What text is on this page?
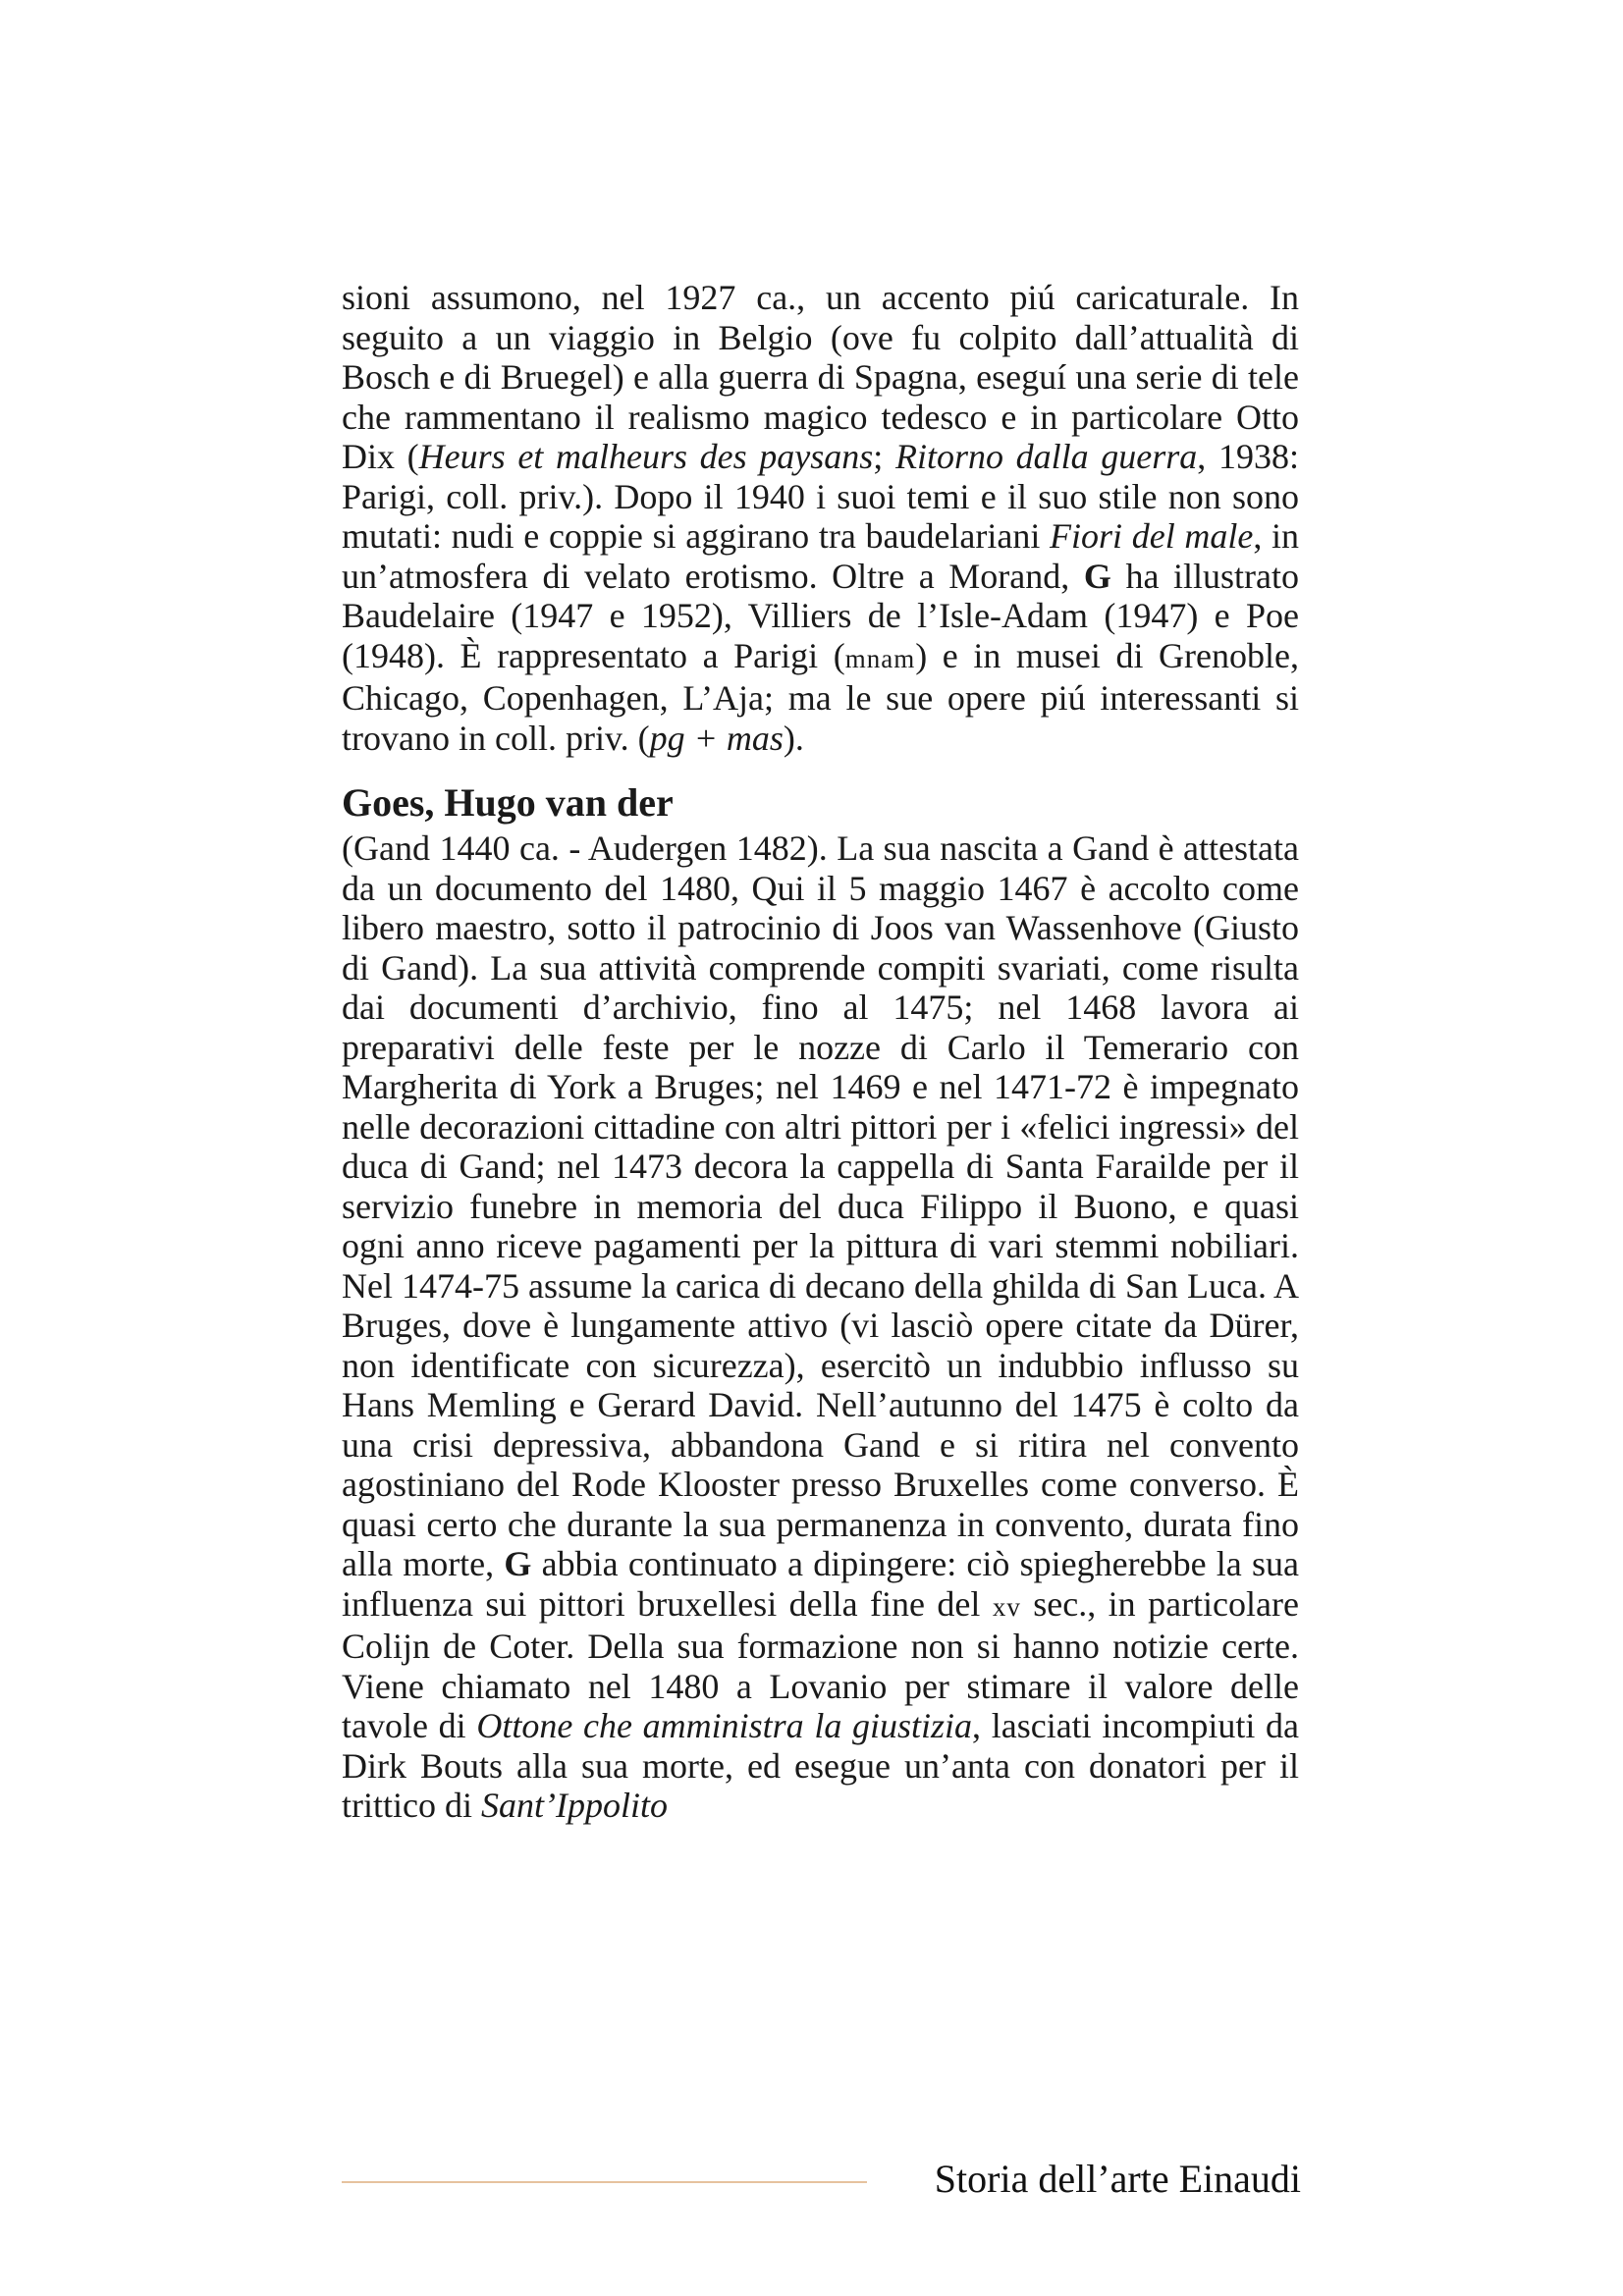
sioni assumono, nel 1927 ca., un accento piú caricaturale. In seguito a un viaggio in Belgio (ove fu colpito dall’attualità di Bosch e di Bruegel) e alla guerra di Spagna, eseguí una serie di tele che rammentano il realismo magico tedesco e in particolare Otto Dix (Heurs et malheurs des paysans; Ritorno dalla guerra, 1938: Parigi, coll. priv.). Dopo il 1940 i suoi temi e il suo stile non sono mutati: nudi e coppie si aggirano tra baudelariani Fiori del male, in un’atmosfera di velato erotismo. Oltre a Morand, G ha illustrato Baudelaire (1947 e 1952), Villiers de l’Isle-Adam (1947) e Poe (1948). È rappresentato a Parigi (mnam) e in musei di Grenoble, Chicago, Copenhagen, L’Aja; ma le sue opere piú interessanti si trovano in coll. priv. (pg + mas).

Goes, Hugo van der

(Gand 1440 ca. - Audergen 1482). La sua nascita a Gand è attestata da un documento del 1480, Qui il 5 maggio 1467 è accolto come libero maestro, sotto il patrocinio di Joos van Wassenhove (Giusto di Gand). La sua attività comprende compiti svariati, come risulta dai documenti d’archivio, fino al 1475; nel 1468 lavora ai preparativi delle feste per le nozze di Carlo il Temerario con Margherita di York a Bruges; nel 1469 e nel 1471-72 è impegnato nelle decorazioni cittadine con altri pittori per i «felici ingressi» del duca di Gand; nel 1473 decora la cappella di Santa Farailde per il servizio funebre in memoria del duca Filippo il Buono, e quasi ogni anno riceve pagamenti per la pittura di vari stemmi nobiliari. Nel 1474-75 assume la carica di decano della ghilda di San Luca. A Bruges, dove è lungamente attivo (vi lasciò opere citate da Dürer, non identificate con sicurezza), esercitò un indubbio influsso su Hans Memling e Gerard David. Nell’autunno del 1475 è colto da una crisi depressiva, abbandona Gand e si ritira nel convento agostiniano del Rode Klooster presso Bruxelles come converso. È quasi certo che durante la sua permanenza in convento, durata fino alla morte, G abbia continuato a dipingere: ciò spiegherebbe la sua influenza sui pittori bruxellesi della fine del xv sec., in particolare Colijn de Coter. Della sua formazione non si hanno notizie certe. Viene chiamato nel 1480 a Lovanio per stimare il valore delle tavole di Ottone che amministra la giustizia, lasciati incompiuti da Dirk Bouts alla sua morte, ed esegue un’anta con donatori per il trittico di Sant’Ippolito

Storia dell’arte Einaudi
